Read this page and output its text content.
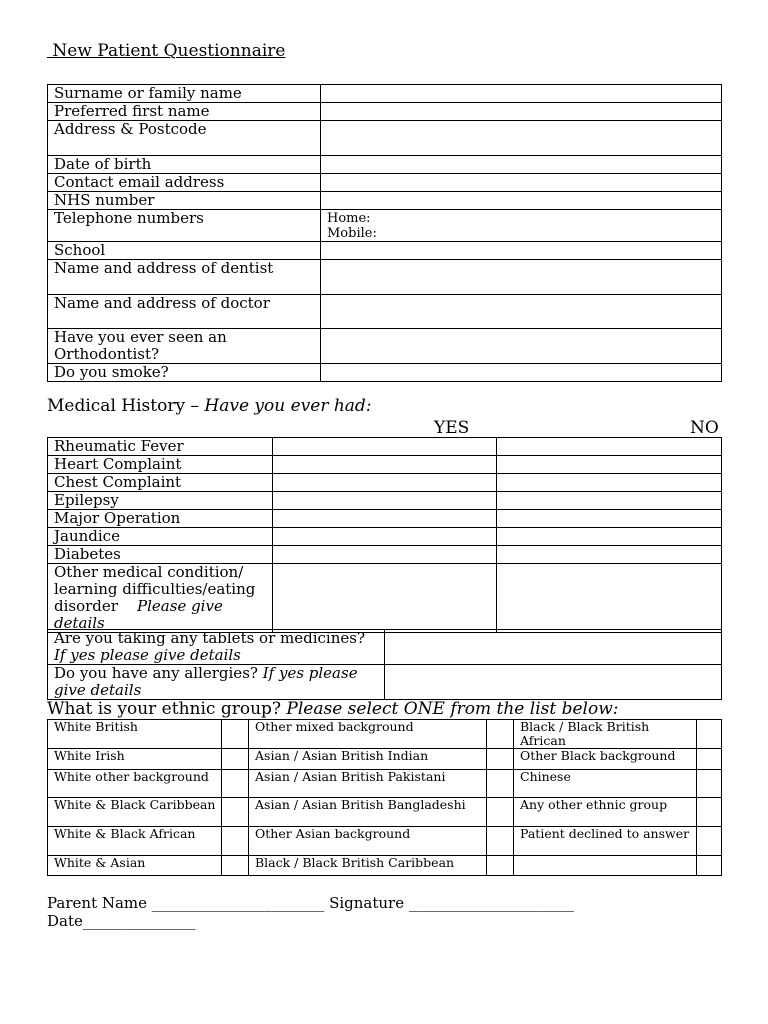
New Patient Questionnaire
Surname or family name	
Preferred first name	
Address & Postcode	
Date of birth	
Contact email address	
NHS number	
Telephone numbers	Home:
Mobile:

School	
Name and address of dentist	
Name and address of doctor	
Have you ever seen an Orthodontist?	
Do you smoke?	
Medical History – Have you ever had:
YES	NO
Rheumatic Fever		
Heart Complaint		
Chest Complaint		
Epilepsy		
Major Operation		
Jaundice		
Diabetes		
Other medical condition/ learning difficulties/eating disorder Please give details		
Are you taking any tablets or medicines?
If yes please give details	
Do you have any allergies? If yes please give details	
What is your ethnic group? Please select ONE from the list below:
White British		Other mixed background		Black / Black British African	
White Irish		Asian / Asian British Indian		Other Black background	
White other background		Asian / Asian British Pakistani		Chinese	
White & Black Caribbean		Asian / Asian British Bangladeshi		Any other ethnic group	
White & Black African		Other Asian background		Patient declined to answer	
White & Asian		Black / Black British Caribbean			
Parent Name _______________________ Signature ______________________
Date_______________
